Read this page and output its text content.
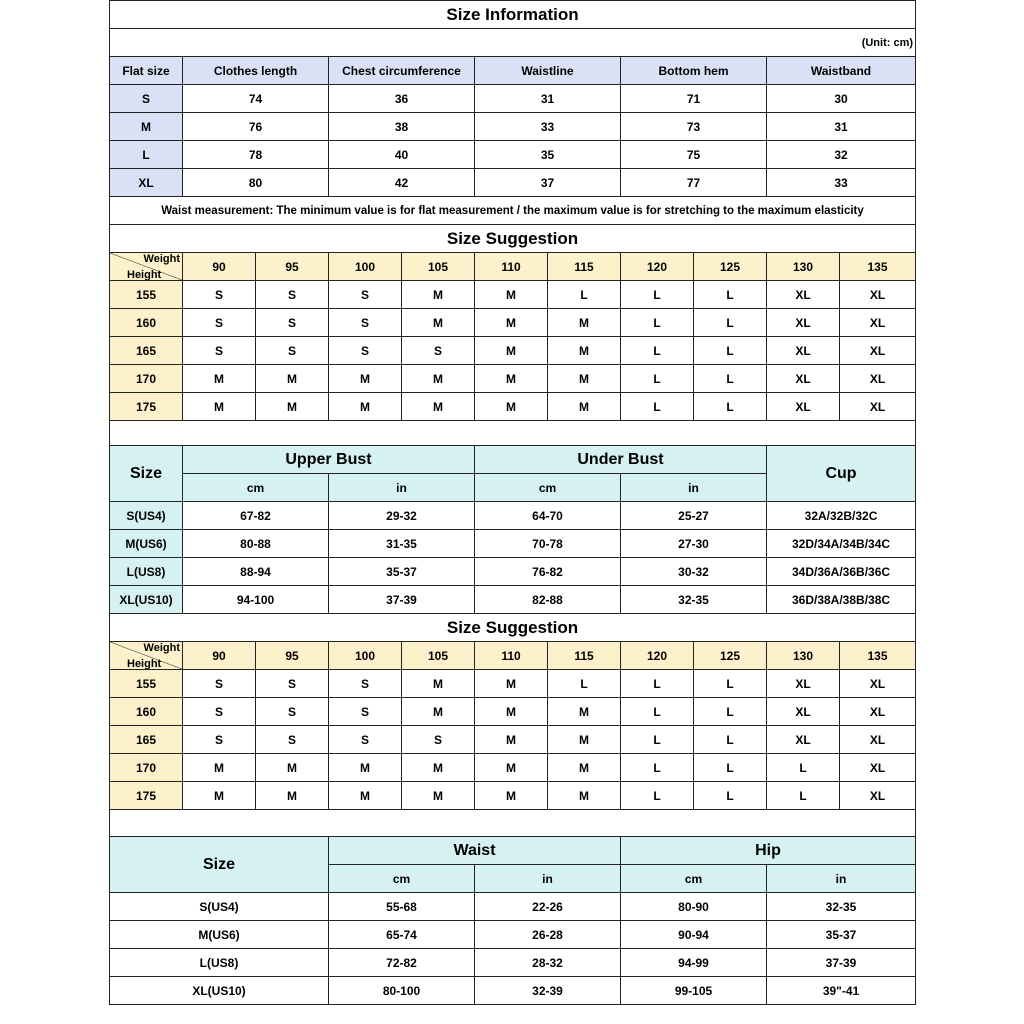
Size Information										
(Unit: cm)										
Flat size	Clothes length		Chest circumference		Waistline		Bottom hem		Waistband	
S	74		36		31		71		30	
M	76		38		33		73		31	
L	78		40		35		75		32	
XL	80		42		37		77		33	
Waist measurement: The minimum value is for flat measurement / the maximum value is for stretching to the maximum elasticity										
Size Suggestion										

Weight
Height	90	95	100	105	110	115	120	125	130	135
155	S	S	S	M	M	L	L	L	XL	XL
160	S	S	S	M	M	M	L	L	XL	XL
165	S	S	S	S	M	M	L	L	XL	XL
170	M	M	M	M	M	M	L	L	XL	XL
175	M	M	M	M	M	M	L	L	XL	XL

Size	Upper Bust				Under Bust				Cup	
	cm		in		cm		in			
S(US4)	67-82		29-32		64-70		25-27		32A/32B/32C	
M(US6)	80-88		31-35		70-78		27-30		32D/34A/34B/34C	
L(US8)	88-94		35-37		76-82		30-32		34D/36A/36B/36C	
XL(US10)	94-100		37-39		82-88		32-35		36D/38A/38B/38C	
Size Suggestion										

Weight
Height	90	95	100	105	110	115	120	125	130	135
155	S	S	S	M	M	L	L	L	XL	XL
160	S	S	S	M	M	M	L	L	XL	XL
165	S	S	S	S	M	M	L	L	XL	XL
170	M	M	M	M	M	M	L	L	L	XL
175	M	M	M	M	M	M	L	L	L	XL

Size			Waist				Hip			
			cm		in		cm		in	
S(US4)			55-68		22-26		80-90		32-35	
M(US6)			65-74		26-28		90-94		35-37	
L(US8)			72-82		28-32		94-99		37-39	
XL(US10)			80-100		32-39		99-105		39"-41	
